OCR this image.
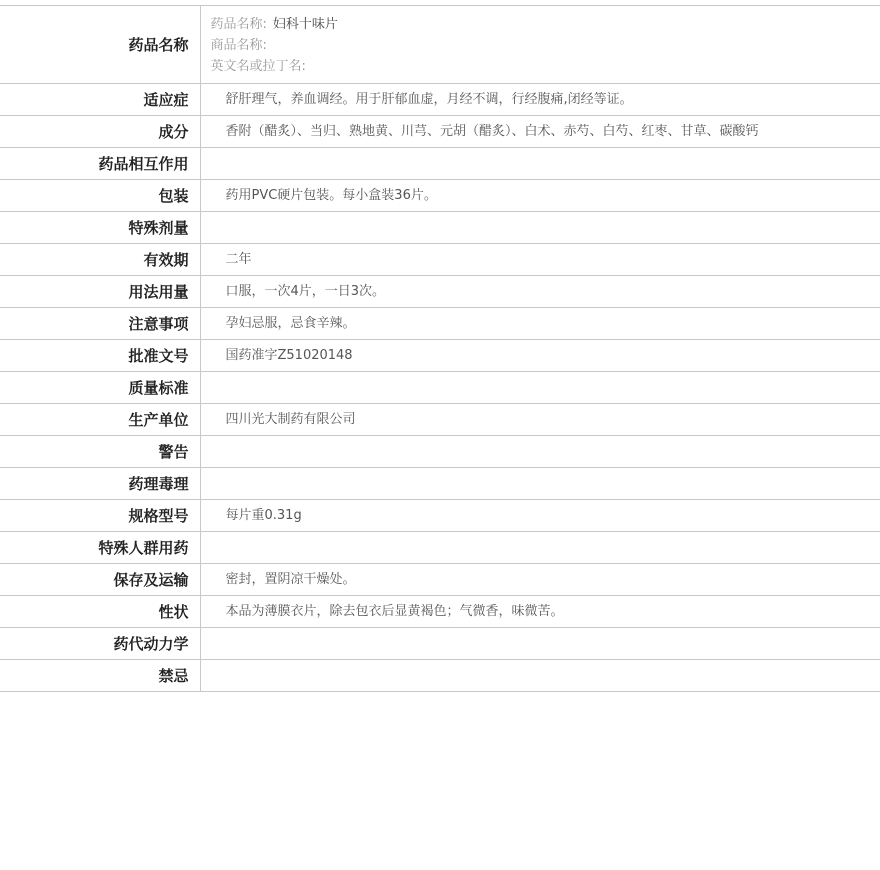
药品名称	药品名称: 妇科十味片
商品名称:
英文名或拉丁名:

适应症	舒肝理气，养血调经。用于肝郁血虚，月经不调，行经腹痛,闭经等证。
成分	香附（醋炙）、当归、熟地黄、川芎、元胡（醋炙）、白术、赤芍、白芍、红枣、甘草、碳酸钙
药品相互作用	
包装	药用PVC硬片包装。每小盒装36片。
特殊剂量	
有效期	二年
用法用量	口服，一次4片，一日3次。
注意事项	孕妇忌服，忌食辛辣。
批准文号	国药准字Z51020148
质量标准	
生产单位	四川光大制药有限公司
警告	
药理毒理	
规格型号	每片重0.31g
特殊人群用药	
保存及运输	密封，置阴凉干燥处。
性状	本品为薄膜衣片，除去包衣后显黄褐色；气微香，味微苦。
药代动力学	
禁忌	
